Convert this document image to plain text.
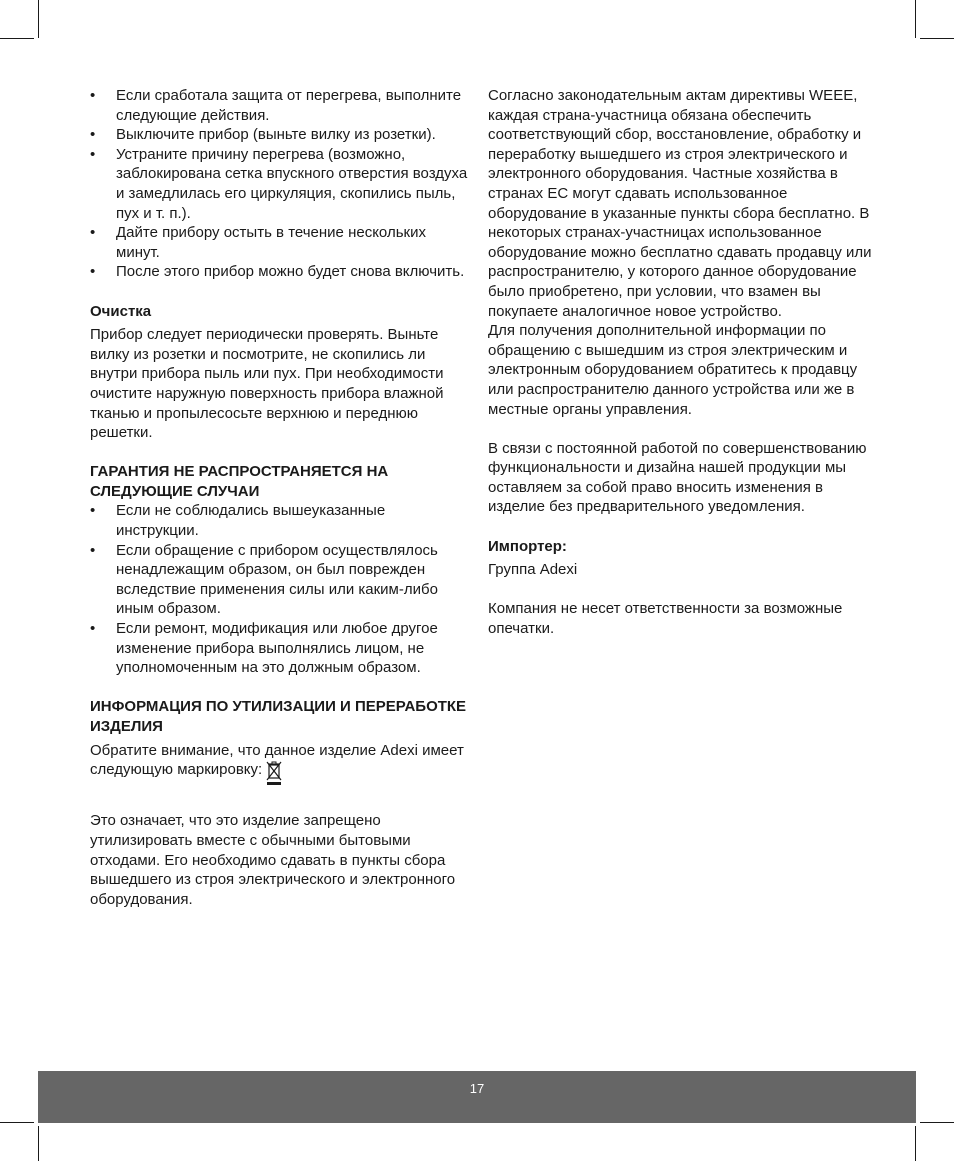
• Если сработала защита от перегрева, выполните следующие действия.
• Выключите прибор (выньте вилку из розетки).
• Устраните причину перегрева (возможно, заблокирована сетка впускного отверстия воздуха и замедлилась его циркуляция, скопились пыль, пух и т. п.).
• Дайте прибору остыть в течение нескольких минут.
• После этого прибор можно будет снова включить.

Очистка

Прибор следует периодически проверять. Выньте вилку из розетки и посмотрите, не скопились ли внутри прибора пыль или пух. При необходимости очистите наружную поверхность прибора влажной тканью и пропылесосьте верхнюю и переднюю решетки.

ГАРАНТИЯ НЕ РАСПРОСТРАНЯЕТСЯ НА СЛЕДУЮЩИЕ СЛУЧАИ

• Если не соблюдались вышеуказанные инструкции.
• Если обращение с прибором осуществлялось ненадлежащим образом, он был поврежден вследствие применения силы или каким-либо иным образом.
• Если ремонт, модификация или любое другое изменение прибора выполнялись лицом, не уполномоченным на это должным образом.

ИНФОРМАЦИЯ ПО УТИЛИЗАЦИИ И ПЕРЕРАБОТКЕ ИЗДЕЛИЯ

Обратите внимание, что данное изделие Adexi имеет следующую маркировку:

Это означает, что это изделие запрещено утилизировать вместе с обычными бытовыми отходами. Его необходимо сдавать в пункты сбора вышедшего из строя электрического и электронного оборудования.

Согласно законодательным актам директивы WEEE, каждая страна-участница обязана обеспечить соответствующий сбор, восстановление, обработку и переработку вышедшего из строя электрического и электронного оборудования. Частные хозяйства в странах ЕС могут сдавать использованное оборудование в указанные пункты сбора бесплатно. В некоторых странах-участницах использованное оборудование можно бесплатно сдавать продавцу или распространителю, у которого данное оборудование было приобретено, при условии, что взамен вы покупаете аналогичное новое устройство.

Для получения дополнительной информации по обращению с вышедшим из строя электрическим и электронным оборудованием обратитесь к продавцу или распространителю данного устройства или же в местные органы управления.

В связи с постоянной работой по совершенствованию функциональности и дизайна нашей продукции мы оставляем за собой право вносить изменения в изделие без предварительного уведомления.

Импортер:

Группа Adexi

Компания не несет ответственности за возможные опечатки.

17
